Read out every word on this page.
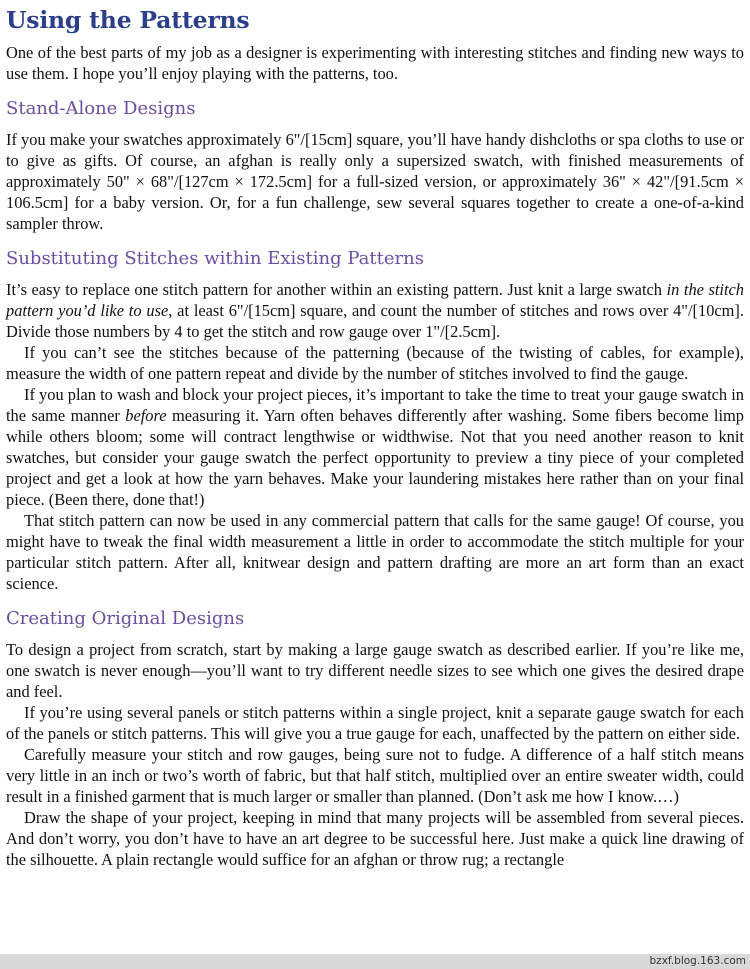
Using the Patterns

One of the best parts of my job as a designer is experimenting with interesting stitches and finding new ways to use them. I hope you’ll enjoy playing with the patterns, too.

Stand-Alone Designs

If you make your swatches approximately 6"/[15cm] square, you’ll have handy dishcloths or spa cloths to use or to give as gifts. Of course, an afghan is really only a supersized swatch, with finished measurements of approximately 50" × 68"/[127cm × 172.5cm] for a full-sized version, or approximately 36" × 42"/[91.5cm × 106.5cm] for a baby version. Or, for a fun challenge, sew several squares together to create a one-of-a-kind sampler throw.

Substituting Stitches within Existing Patterns

It’s easy to replace one stitch pattern for another within an existing pattern. Just knit a large swatch in the stitch pattern you’d like to use, at least 6"/[15cm] square, and count the number of stitches and rows over 4"/[10cm]. Divide those numbers by 4 to get the stitch and row gauge over 1"/[2.5cm].

If you can’t see the stitches because of the patterning (because of the twisting of cables, for example), measure the width of one pattern repeat and divide by the number of stitches involved to find the gauge.

If you plan to wash and block your project pieces, it’s important to take the time to treat your gauge swatch in the same manner before measuring it. Yarn often behaves differently after washing. Some fibers become limp while others bloom; some will contract lengthwise or widthwise. Not that you need another reason to knit swatches, but consider your gauge swatch the perfect opportunity to preview a tiny piece of your completed project and get a look at how the yarn behaves. Make your laundering mistakes here rather than on your final piece. (Been there, done that!)

That stitch pattern can now be used in any commercial pattern that calls for the same gauge! Of course, you might have to tweak the final width measurement a little in order to accommodate the stitch multiple for your particular stitch pattern. After all, knitwear design and pattern drafting are more an art form than an exact science.

Creating Original Designs

To design a project from scratch, start by making a large gauge swatch as described earlier. If you’re like me, one swatch is never enough—you’ll want to try different needle sizes to see which one gives the desired drape and feel.

If you’re using several panels or stitch patterns within a single project, knit a separate gauge swatch for each of the panels or stitch patterns. This will give you a true gauge for each, unaffected by the pattern on either side.

Carefully measure your stitch and row gauges, being sure not to fudge. A difference of a half stitch means very little in an inch or two’s worth of fabric, but that half stitch, multiplied over an entire sweater width, could result in a finished garment that is much larger or smaller than planned. (Don’t ask me how I know.…)

Draw the shape of your project, keeping in mind that many projects will be assembled from several pieces. And don’t worry, you don’t have to have an art degree to be successful here. Just make a quick line drawing of the silhouette. A plain rectangle would suffice for an afghan or throw rug; a rectangle

bzxf.blog.163.com
